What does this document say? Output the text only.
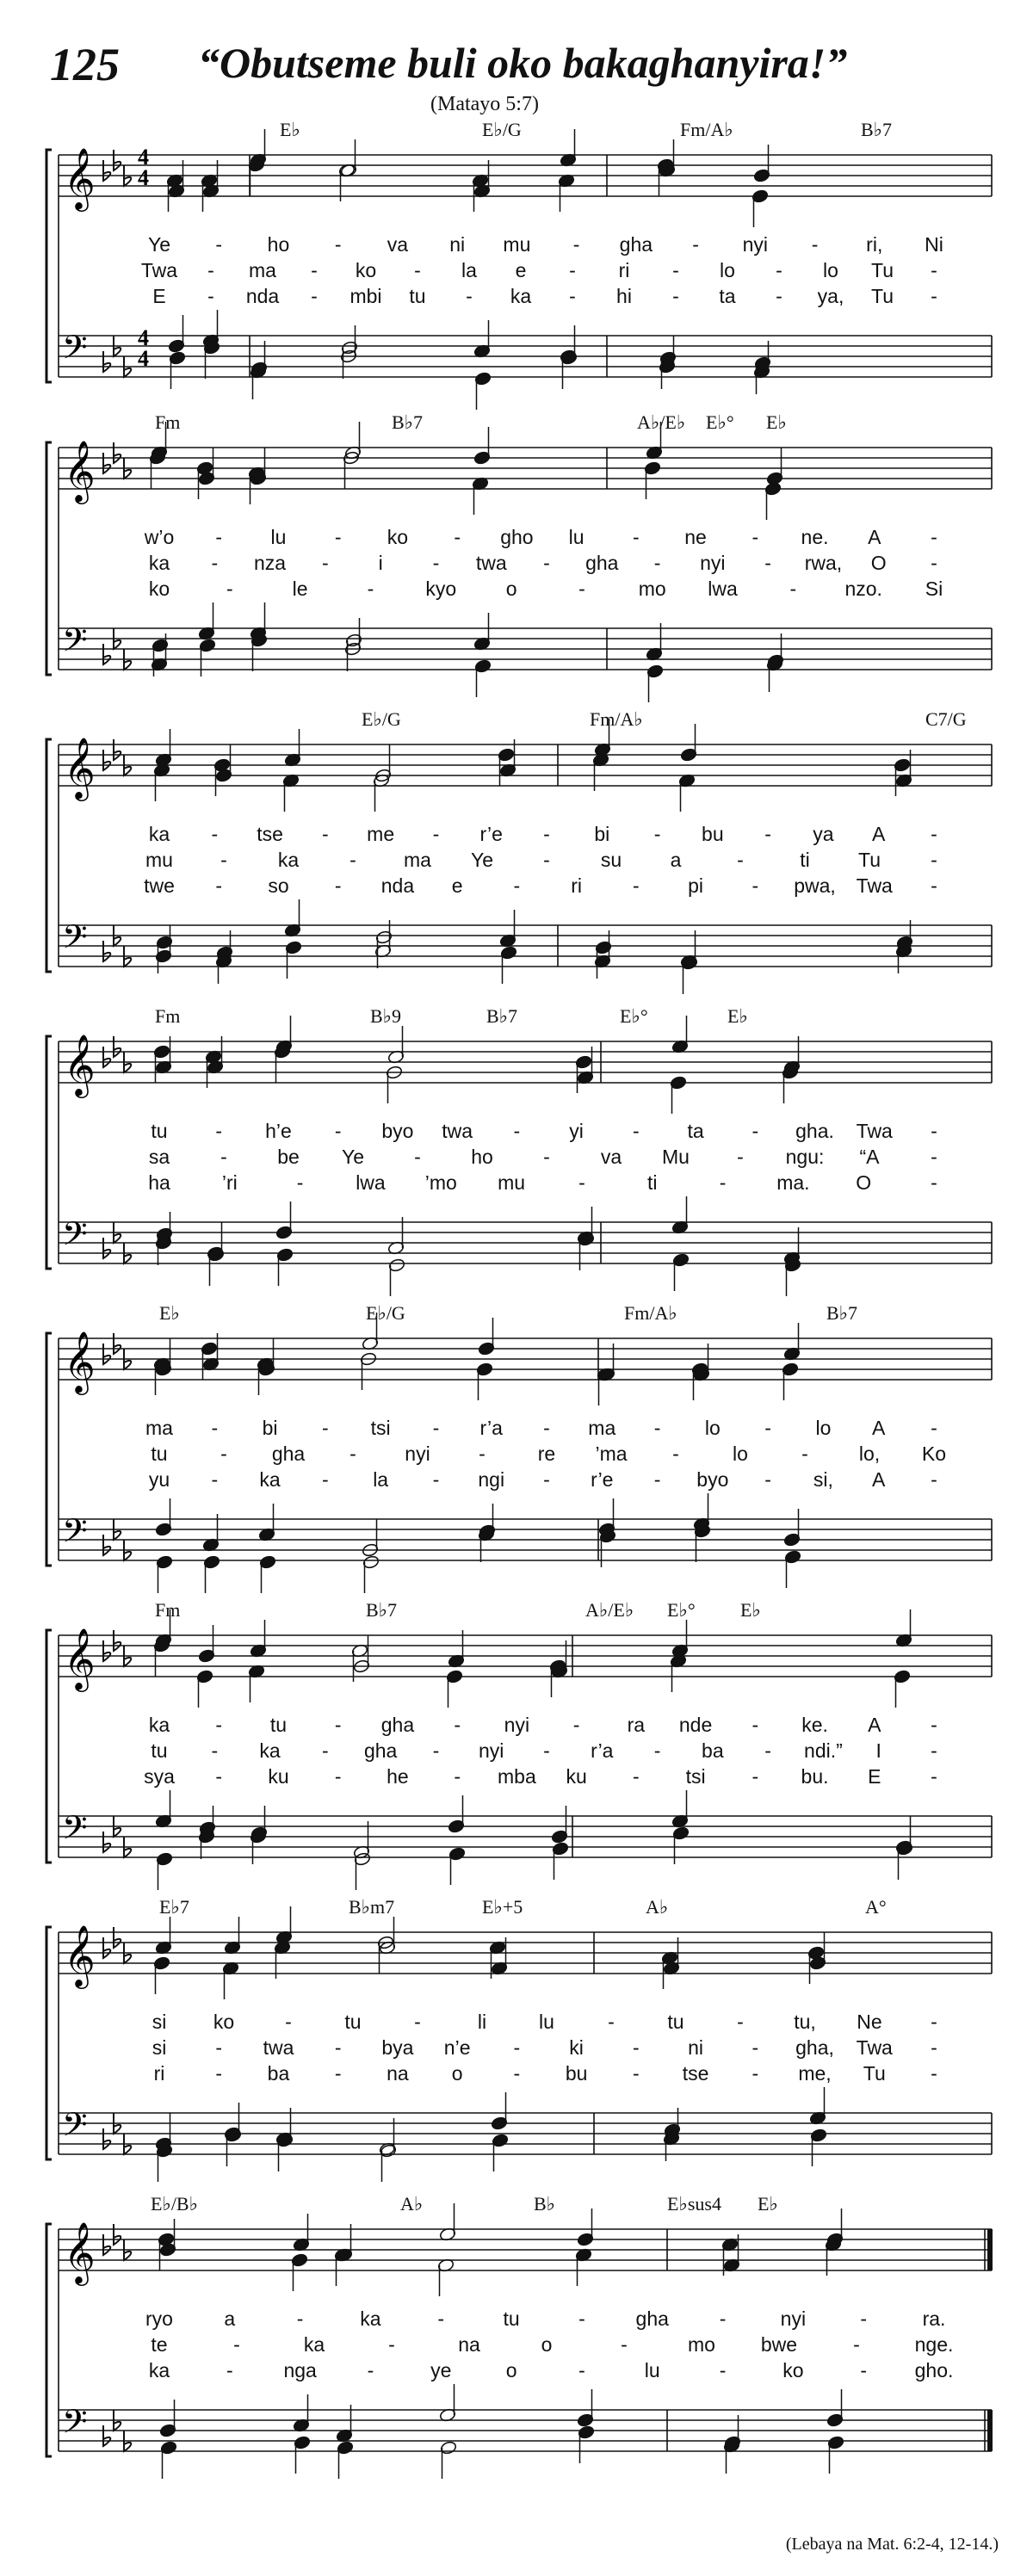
125 “Obutseme buli oko bakaghanyira!”
(Matayo 5:7)
𝄞
𝄢
4
4
4
4
E♭	E♭/G	Fm/A♭	B♭7
Ye - ho - va ni mu - gha - nyi - ri, Ni
Twa - ma - ko - la e - ri - lo - lo Tu -
E - nda - mbi tu - ka - hi - ta - ya, Tu -
𝄞
𝄢
Fm	B♭7	A♭/E♭ E♭° E♭
w’o - lu - ko - gho lu - ne - ne. A	-
ka - nza -	i	- twa - gha - nyi - rwa, O -
ko	-	le	-	kyo	o	-	mo lwa	- nzo. Si
𝄞
𝄢
E♭/G	Fm/A♭	C7/G
ka - tse - me - r’e - bi - bu - ya A -
mu -	ka	- ma Ye	-	su a	-	ti Tu	-
twe - so - nda e	-	ri	- pi - pwa, Twa -
𝄞
𝄢
Fm	B♭9	B♭7	E♭°	E♭
tu - h’e - byo twa - yi - ta - gha. Twa -
sa	-	be Ye	-	ho	-	va Mu - ngu: “A	-
ha	’ri	-	lwa ’mo mu	-	ti	-	ma. O	-
𝄞
𝄢
E♭	E♭/G	Fm/A♭	B♭7
ma - bi - tsi - r’a - ma - lo - lo A -
tu	- gha - nyi -	re ’ma -	lo	-	lo, Ko
yu - ka - la - ngi - r’e - byo - si, A -
𝄞
𝄢
Fm	B♭7	A♭/E♭ E♭° E♭
ka - tu - gha - nyi - ra nde - ke. A	-
tu - ka - gha - nyi - r’a - ba - ndi.” I -
sya - ku - he - mba ku - tsi - bu. E	-
𝄞
𝄢
E♭7	B♭m7	E♭+5	A♭	A°
si ko	-	tu	-	li	lu	-	tu	-	tu, Ne -
si - twa - bya n’e - ki - ni - gha, Twa -
ri	- ba - na o	- bu - tse - me, Tu -
𝄞
𝄢
E♭/B♭	A♭	B♭	E♭sus4 E♭
ryo	a	-	ka	-	tu	-	gha	-	nyi	-	ra.
te	-	ka	-	na	o	-	mo bwe	-	nge.
ka	-	nga	-	ye	o	-	lu	-	ko	- gho.
(Lebaya na Mat. 6:2-4, 12-14.)
